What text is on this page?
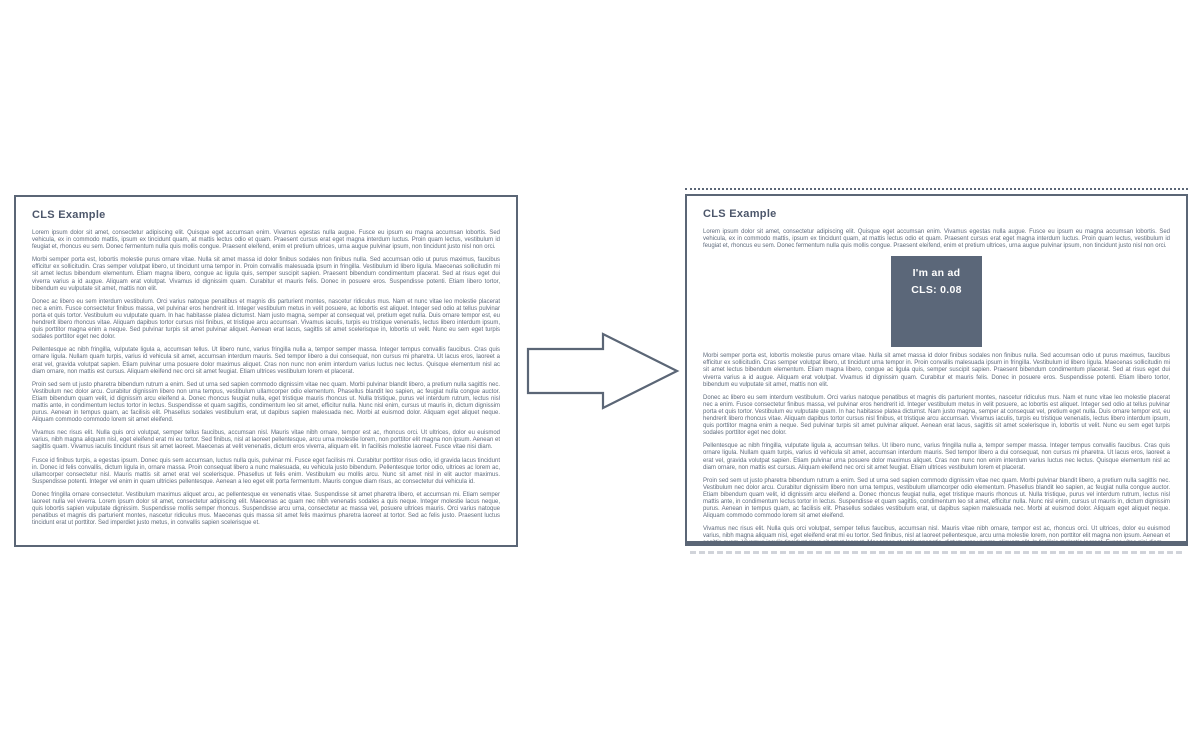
CLS Example

Lorem ipsum dolor sit amet, consectetur adipiscing elit. Quisque eget accumsan enim. Vivamus egestas nulla augue. Fusce eu ipsum eu magna accumsan lobortis. Sed vehicula, ex in commodo mattis, ipsum ex tincidunt quam, at mattis lectus odio et quam. Praesent cursus erat eget magna interdum luctus. Proin quam lectus, vestibulum id feugiat et, rhoncus eu sem. Donec fermentum nulla quis mollis congue. Praesent eleifend, enim et pretium ultrices, urna augue pulvinar ipsum, non tincidunt justo nisl non orci.

Morbi semper porta est, lobortis molestie purus ornare vitae. Nulla sit amet massa id dolor finibus sodales non finibus nulla. Sed accumsan odio ut purus maximus, faucibus efficitur ex sollicitudin. Cras semper volutpat libero, ut tincidunt urna tempor in. Proin convallis malesuada ipsum in fringilla. Vestibulum id libero ligula. Maecenas sollicitudin mi sit amet lectus bibendum elementum. Etiam magna libero, congue ac ligula quis, semper suscipit sapien. Praesent bibendum condimentum placerat. Sed at risus eget dui viverra varius a id augue. Aliquam erat volutpat. Vivamus id dignissim quam. Curabitur et mauris felis. Donec in posuere eros. Suspendisse potenti. Etiam libero tortor, bibendum eu vulputate sit amet, mattis non elit.

Donec ac libero eu sem interdum vestibulum. Orci varius natoque penatibus et magnis dis parturient montes, nascetur ridiculus mus. Nam et nunc vitae leo molestie placerat nec a enim. Fusce consectetur finibus massa, vel pulvinar eros hendrerit id. Integer vestibulum metus in velit posuere, ac lobortis est aliquet. Integer sed odio at tellus pulvinar porta et quis tortor. Vestibulum eu vulputate quam. In hac habitasse platea dictumst. Nam justo magna, semper at consequat vel, pretium eget nulla. Duis ornare tempor est, eu hendrerit libero rhoncus vitae. Aliquam dapibus tortor cursus nisl finibus, et tristique arcu accumsan. Vivamus iaculis, turpis eu tristique venenatis, lectus libero interdum ipsum, quis porttitor magna enim a neque. Sed pulvinar turpis sit amet pulvinar aliquet. Aenean erat lacus, sagittis sit amet scelerisque in, lobortis ut velit. Nunc eu sem eget turpis sodales porttitor eget nec dolor.

Pellentesque ac nibh fringilla, vulputate ligula a, accumsan tellus. Ut libero nunc, varius fringilla nulla a, tempor semper massa. Integer tempus convallis faucibus. Cras quis ornare ligula. Nullam quam turpis, varius id vehicula sit amet, accumsan interdum mauris. Sed tempor libero a dui consequat, non cursus mi pharetra. Ut lacus eros, laoreet a erat vel, gravida volutpat sapien. Etiam pulvinar urna posuere dolor maximus aliquet. Cras non nunc non enim interdum varius luctus nec lectus. Quisque elementum nisl ac diam ornare, non mattis est cursus. Aliquam eleifend nec orci sit amet feugiat. Etiam ultrices vestibulum lorem et placerat.

Proin sed sem ut justo pharetra bibendum rutrum a enim. Sed ut urna sed sapien commodo dignissim vitae nec quam. Morbi pulvinar blandit libero, a pretium nulla sagittis nec. Vestibulum nec dolor arcu. Curabitur dignissim libero non urna tempus, vestibulum ullamcorper odio elementum. Phasellus blandit leo sapien, ac feugiat nulla congue auctor. Etiam bibendum quam velit, id dignissim arcu eleifend a. Donec rhoncus feugiat nulla, eget tristique mauris rhoncus ut. Nulla tristique, purus vel interdum rutrum, lectus nisl mattis ante, in condimentum lectus tortor in lectus. Suspendisse et quam sagittis, condimentum leo sit amet, efficitur nulla. Nunc nisl enim, cursus ut mauris in, dictum dignissim purus. Aenean in tempus quam, ac facilisis elit. Phasellus sodales vestibulum erat, ut dapibus sapien malesuada nec. Morbi at euismod dolor. Aliquam eget aliquet neque. Aliquam commodo commodo lorem sit amet eleifend.

Vivamus nec risus elit. Nulla quis orci volutpat, semper tellus faucibus, accumsan nisl. Mauris vitae nibh ornare, tempor est ac, rhoncus orci. Ut ultrices, dolor eu euismod varius, nibh magna aliquam nisl, eget eleifend erat mi eu tortor. Sed finibus, nisl at laoreet pellentesque, arcu urna molestie lorem, non porttitor elit magna non ipsum. Aenean et sagittis quam. Vivamus iaculis tincidunt risus sit amet laoreet. Maecenas at velit venenatis, dictum eros viverra, aliquam elit. In facilisis molestie laoreet. Fusce vitae nisi diam.

Fusce id finibus turpis, a egestas ipsum. Donec quis sem accumsan, luctus nulla quis, pulvinar mi. Fusce eget facilisis mi. Curabitur porttitor risus odio, id gravida lacus tincidunt in. Donec id felis convallis, dictum ligula in, ornare massa. Proin consequat libero a nunc malesuada, eu vehicula justo bibendum. Pellentesque tortor odio, ultrices ac lorem ac, ullamcorper consectetur nisl. Mauris mattis sit amet erat vel scelerisque. Phasellus ut felis enim. Vestibulum eu mollis arcu. Nunc sit amet nisl in elit auctor maximus. Suspendisse potenti. Integer vel enim in quam ultricies pellentesque. Aenean a leo eget elit porta fermentum. Mauris congue diam risus, ac consectetur dui vehicula id.

Donec fringilla ornare consectetur. Vestibulum maximus aliquet arcu, ac pellentesque ex venenatis vitae. Suspendisse sit amet pharetra libero, et accumsan mi. Etiam semper laoreet nulla vel viverra. Lorem ipsum dolor sit amet, consectetur adipiscing elit. Maecenas ac quam nec nibh venenatis sodales a quis neque. Integer molestie lacus neque, quis lobortis sapien vulputate dignissim. Suspendisse mollis semper rhoncus. Suspendisse arcu urna, consectetur ac massa vel, posuere ultrices mauris. Orci varius natoque penatibus et magnis dis parturient montes, nascetur ridiculus mus. Maecenas quis massa sit amet felis maximus pharetra laoreet at tortor. Sed ac felis justo. Praesent luctus tincidunt erat ut porttitor. Sed imperdiet justo metus, in convallis sapien scelerisque et.

CLS Example

Lorem ipsum dolor sit amet, consectetur adipiscing elit. Quisque eget accumsan enim. Vivamus egestas nulla augue. Fusce eu ipsum eu magna accumsan lobortis. Sed vehicula, ex in commodo mattis, ipsum ex tincidunt quam, at mattis lectus odio et quam. Praesent cursus erat eget magna interdum luctus. Proin quam lectus, vestibulum id feugiat et, rhoncus eu sem. Donec fermentum nulla quis mollis congue. Praesent eleifend, enim et pretium ultrices, urna augue pulvinar ipsum, non tincidunt justo nisl non orci.

I'm an ad
CLS: 0.08

Morbi semper porta est, lobortis molestie purus ornare vitae. Nulla sit amet massa id dolor finibus sodales non finibus nulla. Sed accumsan odio ut purus maximus, faucibus efficitur ex sollicitudin. Cras semper volutpat libero, ut tincidunt urna tempor in. Proin convallis malesuada ipsum in fringilla. Vestibulum id libero ligula. Maecenas sollicitudin mi sit amet lectus bibendum elementum. Etiam magna libero, congue ac ligula quis, semper suscipit sapien. Praesent bibendum condimentum placerat. Sed at risus eget dui viverra varius a id augue. Aliquam erat volutpat. Vivamus id dignissim quam. Curabitur et mauris felis. Donec in posuere eros. Suspendisse potenti. Etiam libero tortor, bibendum eu vulputate sit amet, mattis non elit.

Donec ac libero eu sem interdum vestibulum. Orci varius natoque penatibus et magnis dis parturient montes, nascetur ridiculus mus. Nam et nunc vitae leo molestie placerat nec a enim. Fusce consectetur finibus massa, vel pulvinar eros hendrerit id. Integer vestibulum metus in velit posuere, ac lobortis est aliquet. Integer sed odio at tellus pulvinar porta et quis tortor. Vestibulum eu vulputate quam. In hac habitasse platea dictumst. Nam justo magna, semper at consequat vel, pretium eget nulla. Duis ornare tempor est, eu hendrerit libero rhoncus vitae. Aliquam dapibus tortor cursus nisl finibus, et tristique arcu accumsan. Vivamus iaculis, turpis eu tristique venenatis, lectus libero interdum ipsum, quis porttitor magna enim a neque. Sed pulvinar turpis sit amet pulvinar aliquet. Aenean erat lacus, sagittis sit amet scelerisque in, lobortis ut velit. Nunc eu sem eget turpis sodales porttitor eget nec dolor.

Pellentesque ac nibh fringilla, vulputate ligula a, accumsan tellus. Ut libero nunc, varius fringilla nulla a, tempor semper massa. Integer tempus convallis faucibus. Cras quis ornare ligula. Nullam quam turpis, varius id vehicula sit amet, accumsan interdum mauris. Sed tempor libero a dui consequat, non cursus mi pharetra. Ut lacus eros, laoreet a erat vel, gravida volutpat sapien. Etiam pulvinar urna posuere dolor maximus aliquet. Cras non nunc non enim interdum varius luctus nec lectus. Quisque elementum nisl ac diam ornare, non mattis est cursus. Aliquam eleifend nec orci sit amet feugiat. Etiam ultrices vestibulum lorem et placerat.

Proin sed sem ut justo pharetra bibendum rutrum a enim. Sed ut urna sed sapien commodo dignissim vitae nec quam. Morbi pulvinar blandit libero, a pretium nulla sagittis nec. Vestibulum nec dolor arcu. Curabitur dignissim libero non urna tempus, vestibulum ullamcorper odio elementum. Phasellus blandit leo sapien, ac feugiat nulla congue auctor. Etiam bibendum quam velit, id dignissim arcu eleifend a. Donec rhoncus feugiat nulla, eget tristique mauris rhoncus ut. Nulla tristique, purus vel interdum rutrum, lectus nisl mattis ante, in condimentum lectus tortor in lectus. Suspendisse et quam sagittis, condimentum leo sit amet, efficitur nulla. Nunc nisl enim, cursus ut mauris in, dictum dignissim purus. Aenean in tempus quam, ac facilisis elit. Phasellus sodales vestibulum erat, ut dapibus sapien malesuada nec. Morbi at euismod dolor. Aliquam eget aliquet neque. Aliquam commodo commodo lorem sit amet eleifend.

Vivamus nec risus elit. Nulla quis orci volutpat, semper tellus faucibus, accumsan nisl. Mauris vitae nibh ornare, tempor est ac, rhoncus orci. Ut ultrices, dolor eu euismod varius, nibh magna aliquam nisl, eget eleifend erat mi eu tortor. Sed finibus, nisl at laoreet pellentesque, arcu urna molestie lorem, non porttitor elit magna non ipsum. Aenean et sagittis quam. Vivamus iaculis tincidunt risus sit amet laoreet. Maecenas at velit venenatis, dictum eros viverra, aliquam elit. In facilisis molestie laoreet. Fusce vitae nisi diam.
